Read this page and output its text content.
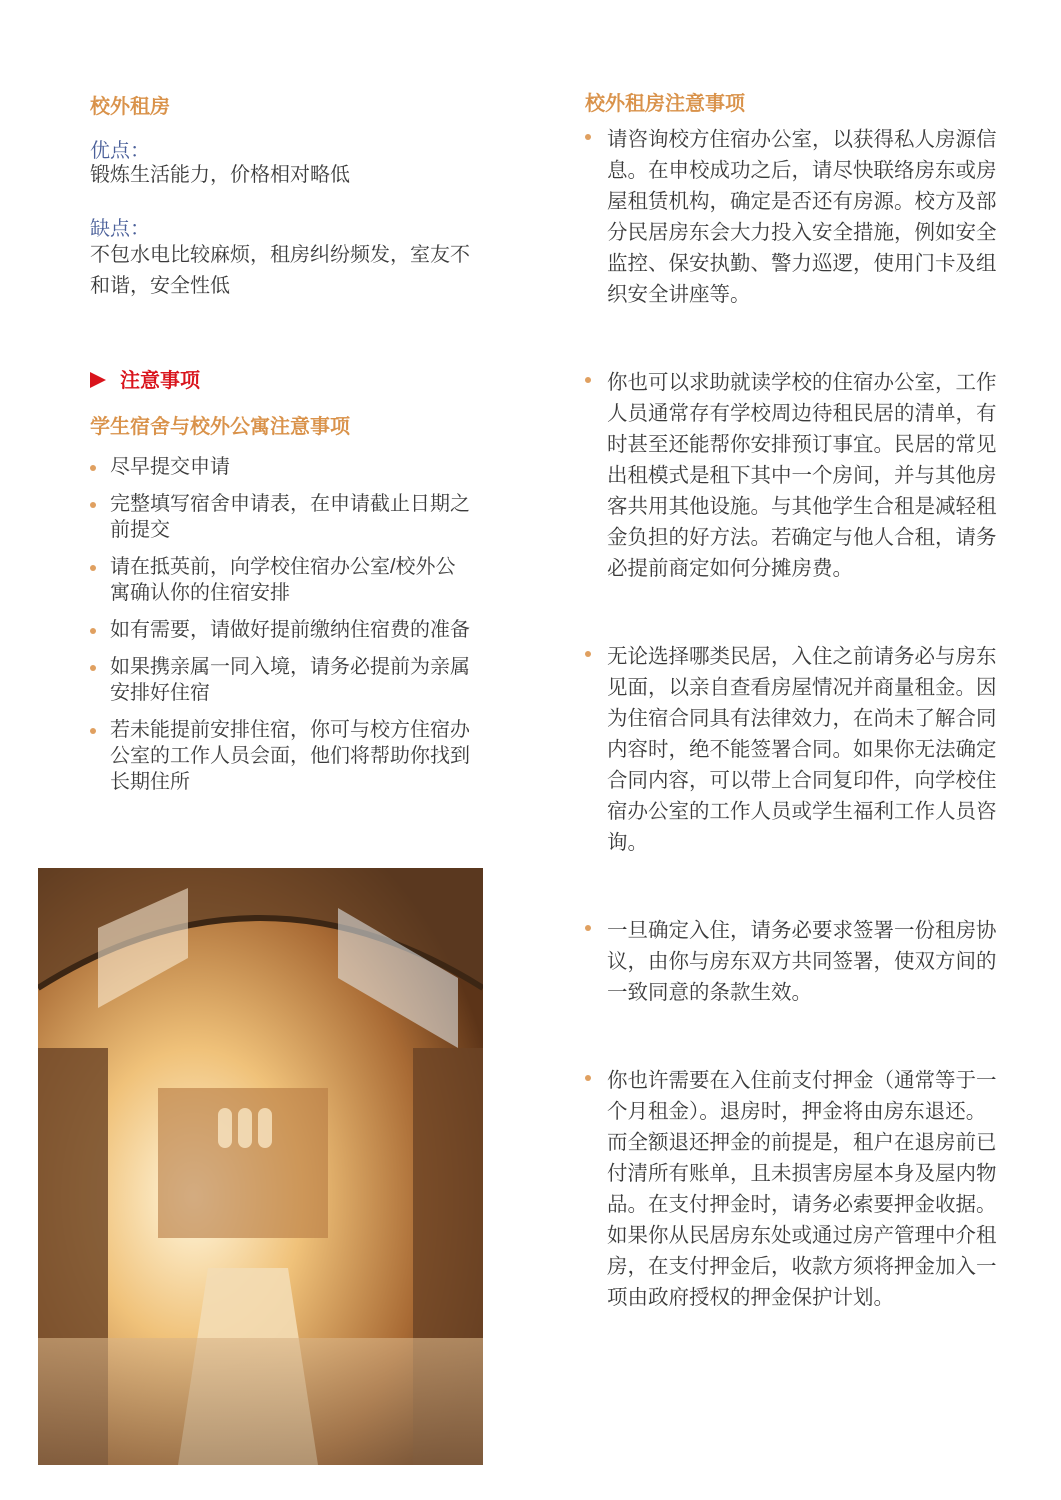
校外租房
优点：
锻炼生活能力，价格相对略低
缺点：
不包水电比较麻烦，租房纠纷频发，室友不和谐，安全性低
注意事项
学生宿舍与校外公寓注意事项
尽早提交申请
完整填写宿舍申请表，在申请截止日期之前提交
请在抵英前，向学校住宿办公室/校外公寓确认你的住宿安排
如有需要，请做好提前缴纳住宿费的准备
如果携亲属一同入境，请务必提前为亲属安排好住宿
若未能提前安排住宿，你可与校方住宿办公室的工作人员会面，他们将帮助你找到长期住所
校外租房注意事项
请咨询校方住宿办公室，以获得私人房源信息。在申校成功之后，请尽快联络房东或房屋租赁机构，确定是否还有房源。校方及部分民居房东会大力投入安全措施，例如安全监控、保安执勤、警力巡逻，使用门卡及组织安全讲座等。
你也可以求助就读学校的住宿办公室，工作人员通常存有学校周边待租民居的清单，有时甚至还能帮你安排预订事宜。民居的常见出租模式是租下其中一个房间，并与其他房客共用其他设施。与其他学生合租是减轻租金负担的好方法。若确定与他人合租，请务必提前商定如何分摊房费。
无论选择哪类民居，入住之前请务必与房东见面，以亲自查看房屋情况并商量租金。因为住宿合同具有法律效力，在尚未了解合同内容时，绝不能签署合同。如果你无法确定合同内容，可以带上合同复印件，向学校住宿办公室的工作人员或学生福利工作人员咨询。
一旦确定入住，请务必要求签署一份租房协议，由你与房东双方共同签署，使双方间的一致同意的条款生效。
你也许需要在入住前支付押金（通常等于一个月租金）。退房时，押金将由房东退还。而全额退还押金的前提是，租户在退房前已付清所有账单，且未损害房屋本身及屋内物品。在支付押金时，请务必索要押金收据。如果你从民居房东处或通过房产管理中介租房，在支付押金后，收款方须将押金加入一项由政府授权的押金保护计划。
